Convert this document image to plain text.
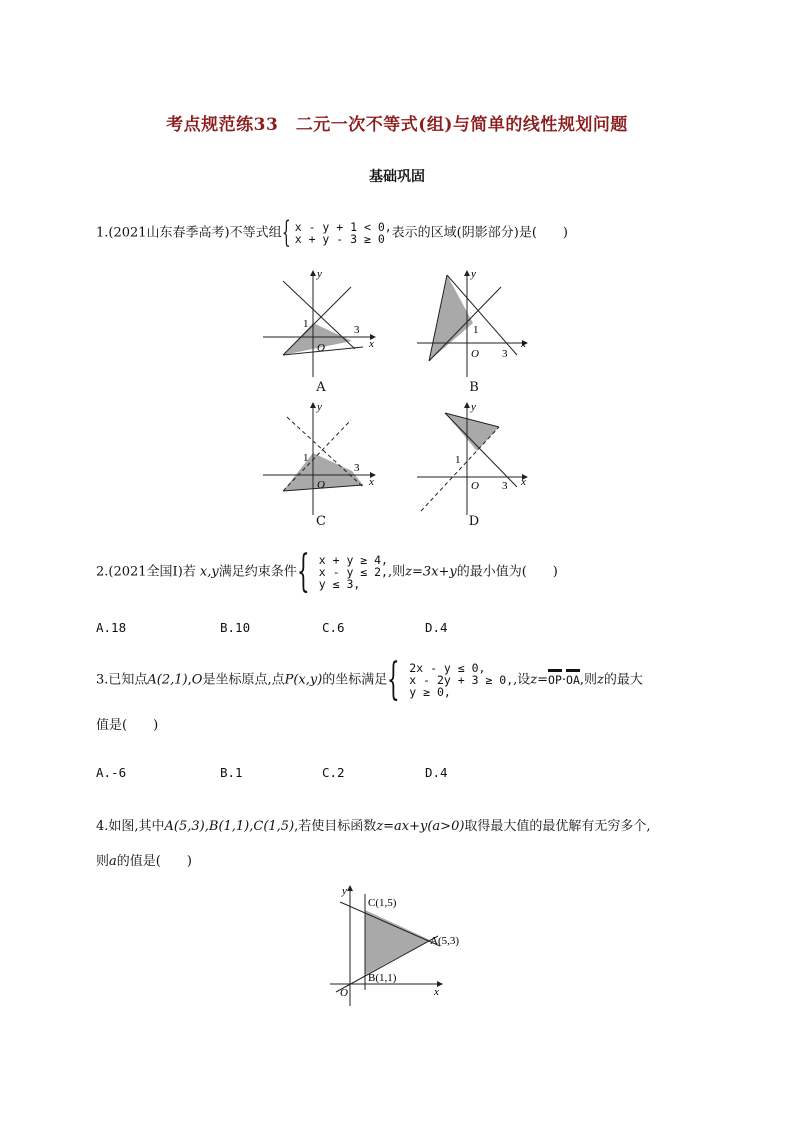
考点规范练33　二元一次不等式(组)与简单的线性规划问题
基础巩固
1.(2021山东春季高考)不等式组{ x - y + 1 < 0,
x + y - 3 ≥ 0 表示的区域(阴影部分)是(　　)
y
x
O
1	3
y
x
O
1
3
y
x
O
1
3
y
x
O
1
3
A	B
C	D
2.(2021全国Ⅰ)若 x,y满足约束条件{ x + y ≥ 4,
x - y ≤ 2,
y ≤ 3,,则z=3x+y的最小值为(　　)
A.18	B.10	C.6	D.4
3.已知点A(2,1),O是坐标原点,点P(x,y)的坐标满足{ 2x - y ≤ 0,
x - 2y + 3 ≥ 0,
y ≥ 0,,设z=OP·OA,则z的最大
值是(　　)
A.-6	B.1	C.2	D.4
4.如图,其中A(5,3),B(1,1),C(1,5),若使目标函数z=ax+y(a>0)取得最大值的最优解有无穷多个,
则a的值是(　　)
y
x
O
C(1,5)
A(5,3)
B(1,1)
